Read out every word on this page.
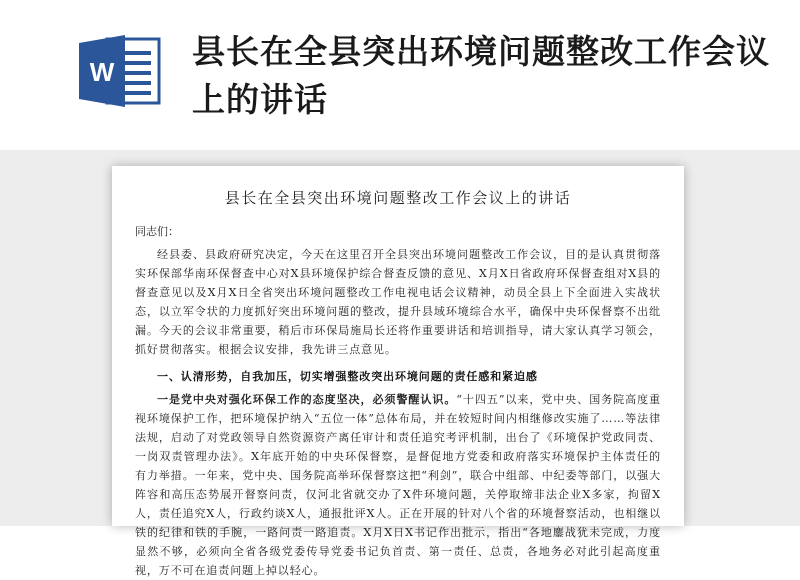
W
县长在全县突出环境问题整改工作会议上的讲话
县长在全县突出环境问题整改工作会议上的讲话

同志们：

经县委、县政府研究决定，今天在这里召开全县突出环境问题整改工作会议，目的是认真贯彻落实环保部华南环保督查中心对X县环境保护综合督查反馈的意见、X月X日省政府环保督查组对X县的督查意见以及X月X日全省突出环境问题整改工作电视电话会议精神，动员全县上下全面进入实战状态，以立军令状的力度抓好突出环境问题的整改，提升县域环境综合水平，确保中央环保督察不出纰漏。今天的会议非常重要，稍后市环保局施局长还将作重要讲话和培训指导，请大家认真学习领会，抓好贯彻落实。根据会议安排，我先讲三点意见。

一、认清形势，自我加压，切实增强整改突出环境问题的责任感和紧迫感

一是党中央对强化环保工作的态度坚决，必须警醒认识。“十四五”以来，党中央、国务院高度重视环境保护工作，把环境保护纳入“五位一体”总体布局，并在较短时间内相继修改实施了……等法律法规，启动了对党政领导自然资源资产离任审计和责任追究考评机制，出台了《环境保护党政同责、一岗双责管理办法》。X年底开始的中央环保督察，是督促地方党委和政府落实环境保护主体责任的有力举措。一年来，党中央、国务院高举环保督察这把“利剑”，联合中组部、中纪委等部门，以强大阵容和高压态势展开督察问责，仅河北省就交办了X件环境问题，关停取缔非法企业X多家，拘留X人，责任追究X人，行政约谈X人，通报批评X人。正在开展的针对八个省的环境督察活动，也相继以铁的纪律和铁的手腕，一路问责一路追责。X月X日X书记作出批示，指出“各地鏖战犹未完成，力度显然不够，必须向全省各级党委传导党委书记负首责、第一责任、总责，各地务必对此引起高度重视，万不可在追责问题上掉以轻心。
